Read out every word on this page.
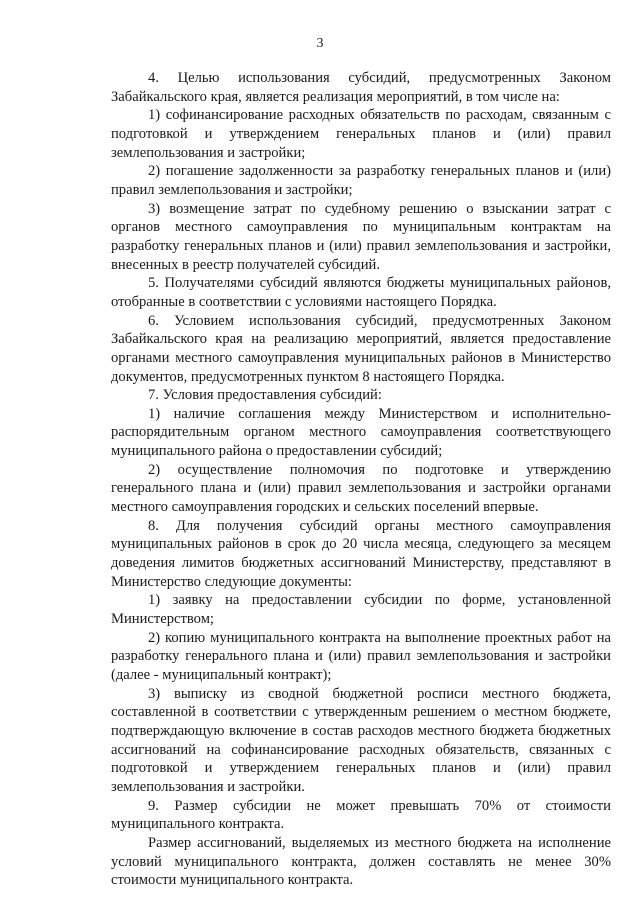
3

4. Целью использования субсидий, предусмотренных Законом Забайкальского края, является реализация мероприятий, в том числе на:

1) софинансирование расходных обязательств по расходам, связанным с подготовкой и утверждением генеральных планов и (или) правил землепользования и застройки;

2) погашение задолженности за разработку генеральных планов и (или) правил землепользования и застройки;

3) возмещение затрат по судебному решению о взыскании затрат с органов местного самоуправления по муниципальным контрактам на разработку генеральных планов и (или) правил землепользования и застройки, внесенных в реестр получателей субсидий.

5. Получателями субсидий являются бюджеты муниципальных районов, отобранные в соответствии с условиями настоящего Порядка.

6. Условием использования субсидий, предусмотренных Законом Забайкальского края на реализацию мероприятий, является предоставление органами местного самоуправления муниципальных районов в Министерство документов, предусмотренных пунктом 8 настоящего Порядка.

7. Условия предоставления субсидий:

1) наличие соглашения между Министерством и исполнительно-распорядительным органом местного самоуправления соответствующего муниципального района о предоставлении субсидий;

2) осуществление полномочия по подготовке и утверждению генерального плана и (или) правил землепользования и застройки органами местного самоуправления городских и сельских поселений впервые.

8. Для получения субсидий органы местного самоуправления муниципальных районов в срок до 20 числа месяца, следующего за месяцем доведения лимитов бюджетных ассигнований Министерству, представляют в Министерство следующие документы:

1) заявку на предоставлении субсидии по форме, установленной Министерством;

2) копию муниципального контракта на выполнение проектных работ на разработку генерального плана и (или) правил землепользования и застройки (далее - муниципальный контракт);

3) выписку из сводной бюджетной росписи местного бюджета, составленной в соответствии с утвержденным решением о местном бюджете, подтверждающую включение в состав расходов местного бюджета бюджетных ассигнований на софинансирование расходных обязательств, связанных с подготовкой и утверждением генеральных планов и (или) правил землепользования и застройки.

9. Размер субсидии не может превышать 70% от стоимости муниципального контракта.

Размер ассигнований, выделяемых из местного бюджета на исполнение условий муниципального контракта, должен составлять не менее 30% стоимости муниципального контракта.
